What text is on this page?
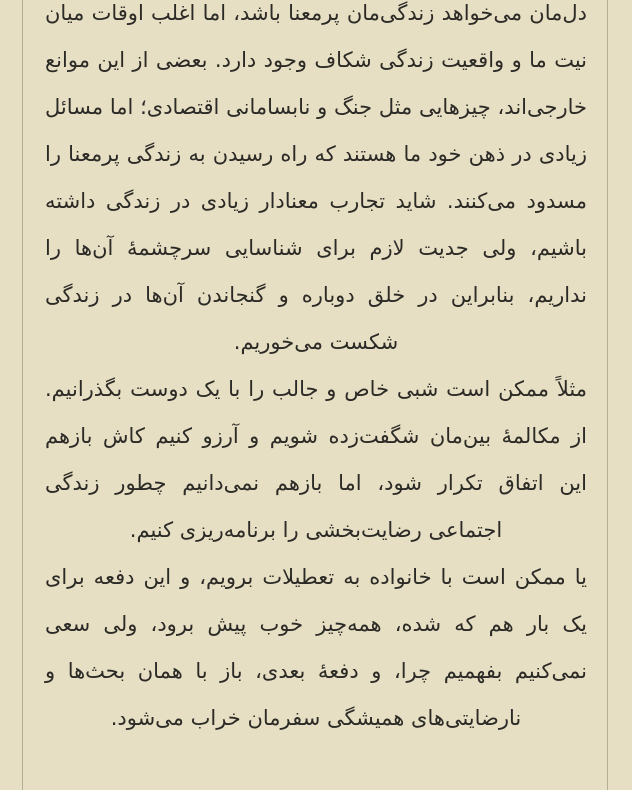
دل‌مان می‌خواهد زندگی‌مان پرمعنا باشد، اما اغلب اوقات میان نیت ما و واقعیت زندگی شکاف وجود دارد. بعضی از این موانع خارجی‌اند، چیزهایی مثل جنگ و نابسامانی اقتصادی؛ اما مسائل زیادی در ذهن خود ما هستند که راه رسیدن به زندگی پرمعنا را مسدود می‌کنند. شاید تجارب معنادار زیادی در زندگی داشته باشیم، ولی جدیت لازم برای شناسایی سرچشمهٔ آن‌ها را نداریم، بنابراین در خلق دوباره و گنجاندن آن‌ها در زندگی شکست می‌خوریم.

مثلاً ممکن است شبی خاص و جالب را با یک دوست بگذرانیم. از مکالمهٔ بین‌مان شگفت‌زده شویم و آرزو کنیم کاش بازهم این اتفاق تکرار شود، اما بازهم نمی‌دانیم چطور زندگی اجتماعی رضایت‌بخشی را برنامه‌ریزی کنیم.

یا ممکن است با خانواده به تعطیلات برویم، و این دفعه برای یک بار هم که شده، همه‌چیز خوب پیش برود، ولی سعی نمی‌کنیم بفهمیم چرا، و دفعهٔ بعدی، باز با همان بحث‌ها و نارضایتی‌های همیشگی سفرمان خراب می‌شود.
